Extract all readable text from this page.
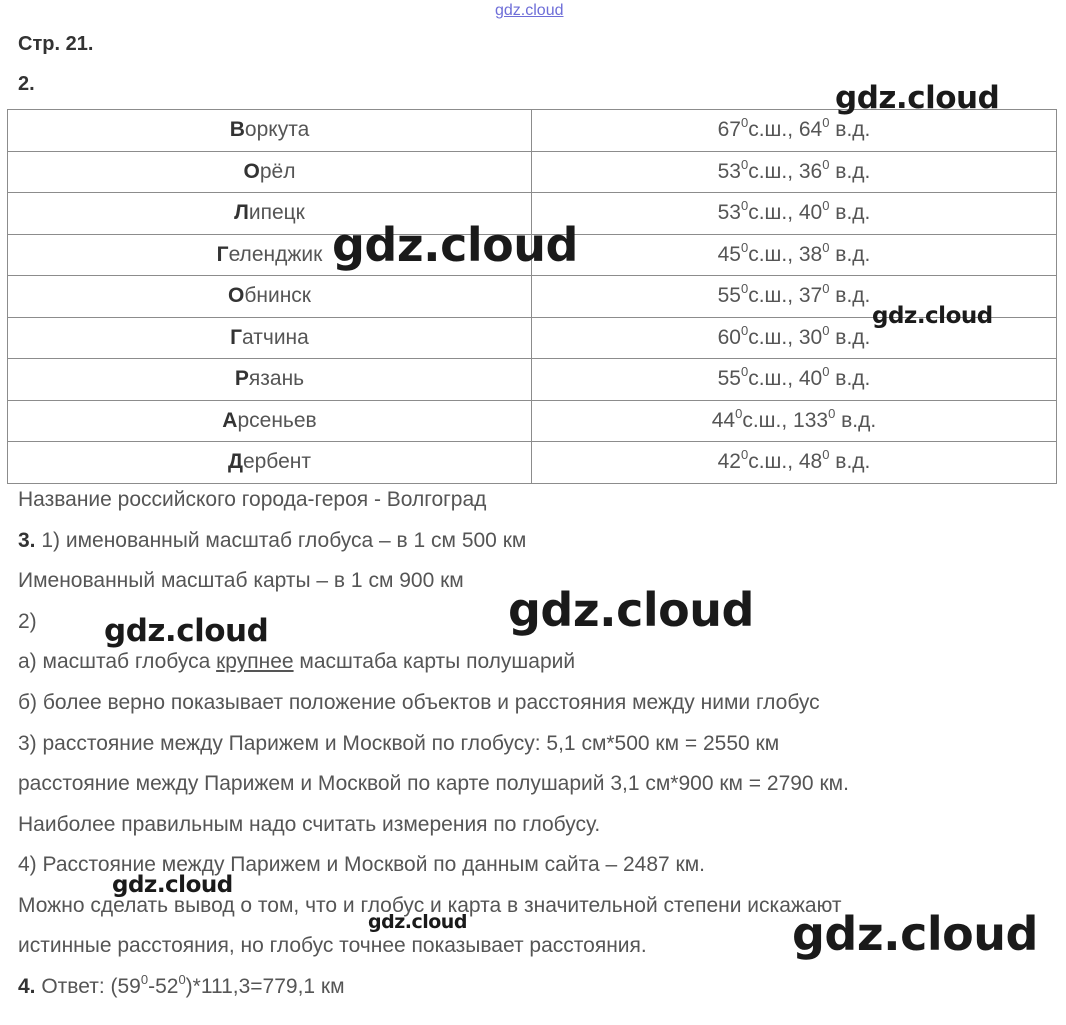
gdz.cloud
Стр. 21.
2.
Воркута	$67^0с.ш$., $64^0$ в.д.
Орёл	$53^0с.ш$., $36^0$ в.д.
Липецк	$53^0с.ш$., $40^0$ в.д.
Геленджик	$45^0с.ш$., $38^0$ в.д.
Обнинск	$55^0с.ш$., $37^0$ в.д.
Гатчина	$60^0с.ш$., $30^0$ в.д.
Рязань	$55^0с.ш$., $40^0$ в.д.
Арсеньев	$44^0с.ш$., $133^0$ в.д.
Дербент	$42^0с.ш$., $48^0$ в.д.
Название российского города-героя - Волгоград
3. 1) именованный масштаб глобуса – в 1 см 500 км
Именованный масштаб карты – в 1 см 900 км
2)
а) масштаб глобуса крупнее масштаба карты полушарий
б) более верно показывает положение объектов и расстояния между ними глобус
3) расстояние между Парижем и Москвой по глобусу: 5,1 см*500 км = 2550 км
расстояние между Парижем и Москвой по карте полушарий 3,1 см*900 км = 2790 км.
Наиболее правильным надо считать измерения по глобусу.
4) Расстояние между Парижем и Москвой по данным сайта – 2487 км.
Можно сделать вывод о том, что и глобус и карта в значительной степени искажают
истинные расстояния, но глобус точнее показывает расстояния.
4. Ответ: $(59^0-52^0)*111,3=779,1$ км
gdz.cloud
gdz.cloud
gdz.cloud
gdz.cloud
gdz.cloud
gdz.cloud
gdz.cloud	gdz.cloud
